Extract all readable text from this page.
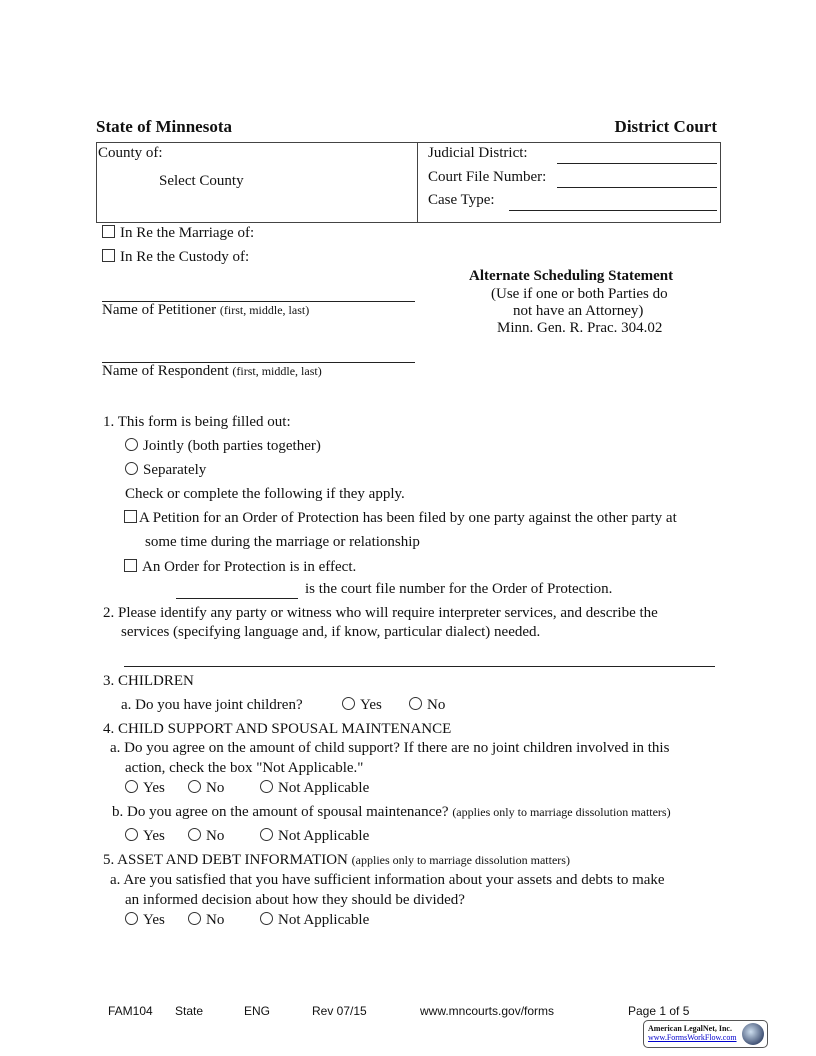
State of Minnesota	District Court
County of:
Select County
Judicial District:
Court File Number:
Case Type:
In Re the Marriage of:
In Re the Custody of:
Alternate Scheduling Statement
(Use if one or both Parties do
not have an Attorney)
Minn. Gen. R. Prac. 304.02
Name of Petitioner (first, middle, last)
Name of Respondent (first, middle, last)
1. This form is being filled out:
Jointly (both parties together)
Separately
Check or complete the following if they apply.
A Petition for an Order of Protection has been filed by one party against the other party at
some time during the marriage or relationship
An Order for Protection is in effect.
is the court file number for the Order of Protection.
2. Please identify any party or witness who will require interpreter services, and describe the
services (specifying language and, if know, particular dialect) needed.
3. CHILDREN
a. Do you have joint children?	Yes	No
4. CHILD SUPPORT AND SPOUSAL MAINTENANCE
a. Do you agree on the amount of child support? If there are no joint children involved in this
action, check the box "Not Applicable."
Yes	No	Not Applicable
b. Do you agree on the amount of spousal maintenance? (applies only to marriage dissolution matters)
Yes	No	Not Applicable
5. ASSET AND DEBT INFORMATION (applies only to marriage dissolution matters)
a. Are you satisfied that you have sufficient information about your assets and debts to make
an informed decision about how they should be divided?
Yes	No	Not Applicable
FAM104 State	ENG	Rev 07/15	www.mncourts.gov/forms	Page 1 of 5
American LegalNet, Inc.
www.FormsWorkFlow.com
